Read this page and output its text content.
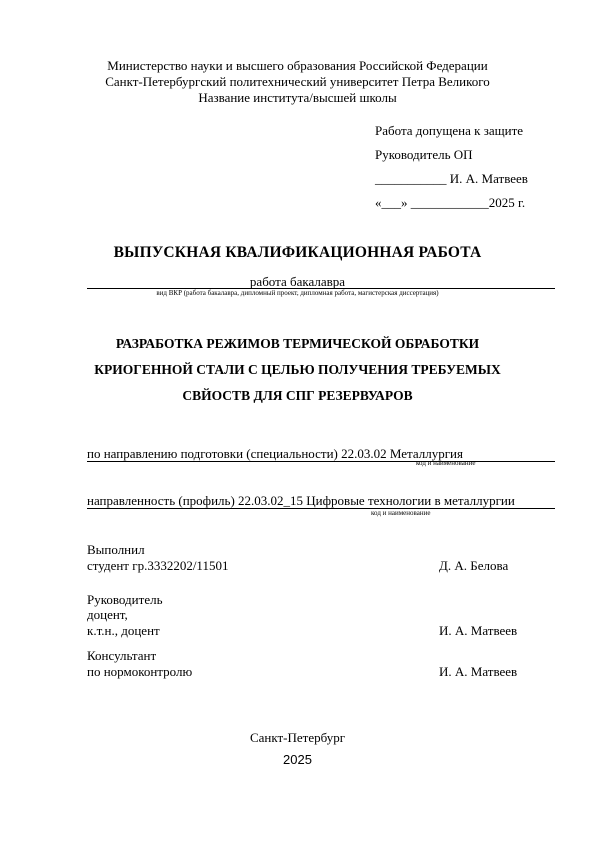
Министерство науки и высшего образования Российской Федерации
Санкт-Петербургский политехнический университет Петра Великого
Название института/высшей школы
Работа допущена к защите
Руководитель ОП
___________ И. А. Матвеев
«___» ____________2025 г.
ВЫПУСКНАЯ КВАЛИФИКАЦИОННАЯ РАБОТА
работа бакалавра
вид ВКР (работа бакалавра, дипломный проект, дипломная работа, магистерская диссертация)
РАЗРАБОТКА РЕЖИМОВ ТЕРМИЧЕСКОЙ ОБРАБОТКИ
КРИОГЕННОЙ СТАЛИ С ЦЕЛЬЮ ПОЛУЧЕНИЯ ТРЕБУЕМЫХ
СВЙОСТВ ДЛЯ СПГ РЕЗЕРВУАРОВ
по направлению подготовки (специальности) 22.03.02 Металлургия
код и наименование
направленность (профиль) 22.03.02_15 Цифровые технологии в металлургии
код и наименование
Выполнил
студент гр.3332202/11501	Д. А. Белова
Руководитель
доцент,
к.т.н., доцент	И. А. Матвеев
Консультант
по нормоконтролю	И. А. Матвеев
Санкт-Петербург
2025
